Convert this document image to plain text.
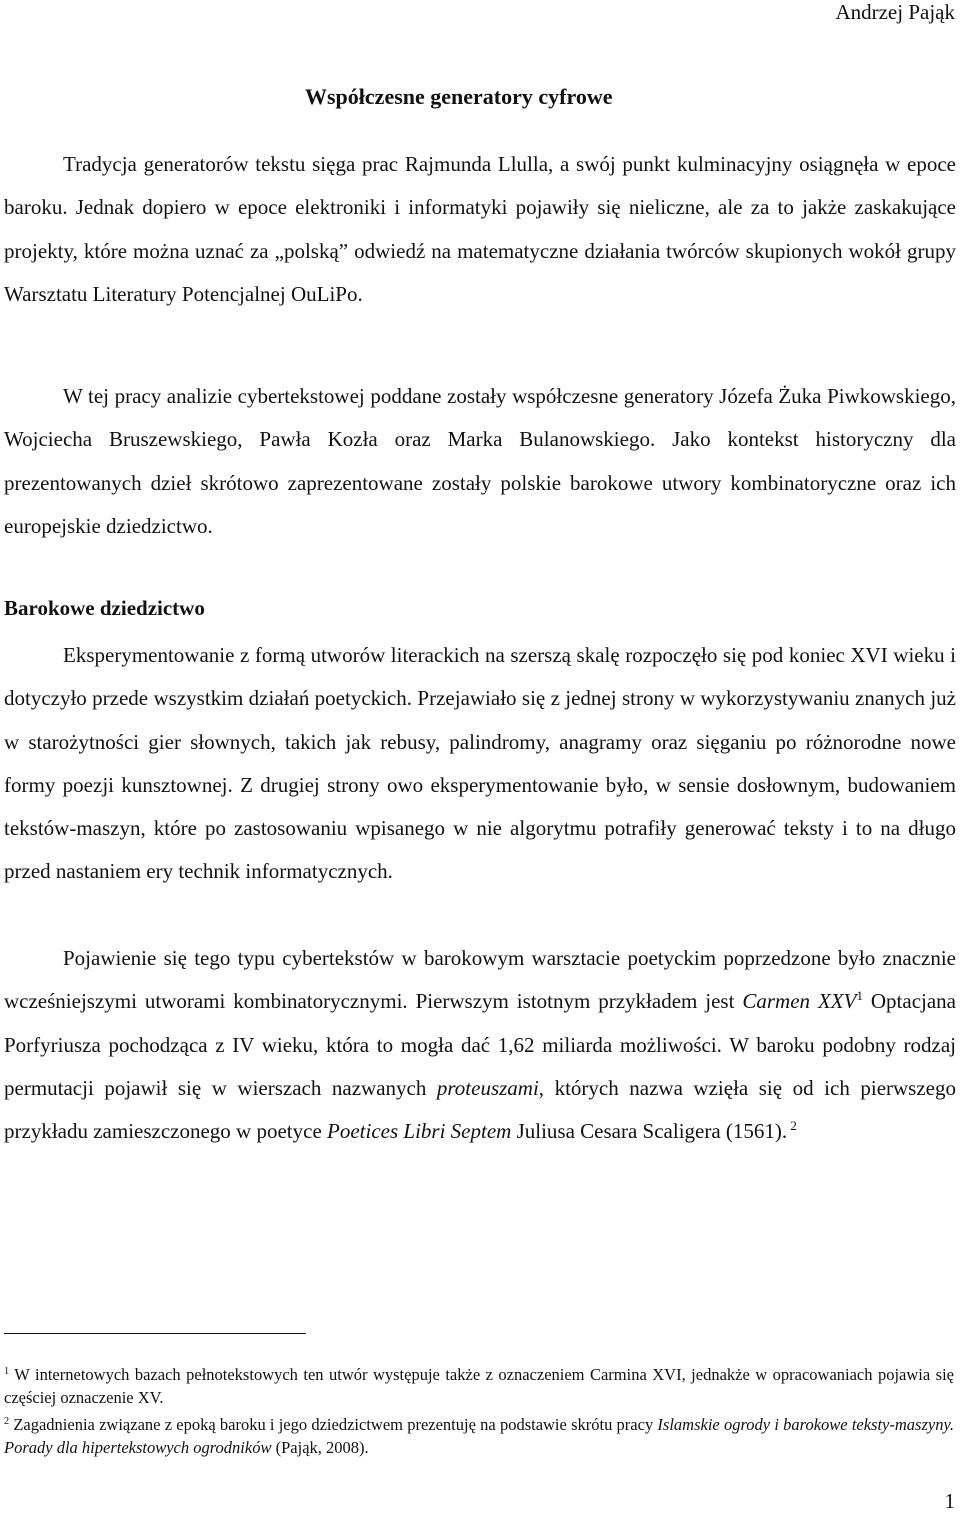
Andrzej Pająk
Współczesne generatory cyfrowe

Tradycja generatorów tekstu sięga prac Rajmunda Llulla, a swój punkt kulminacyjny osiągnęła w epoce baroku. Jednak dopiero w epoce elektroniki i informatyki pojawiły się nieliczne, ale za to jakże zaskakujące projekty, które można uznać za „polską” odwiedź na matematyczne działania twórców skupionych wokół grupy Warsztatu Literatury Potencjalnej OuLiPo.

W tej pracy analizie cybertekstowej poddane zostały współczesne generatory Józefa Żuka Piwkowskiego, Wojciecha Bruszewskiego, Pawła Kozła oraz Marka Bulanowskiego. Jako kontekst historyczny dla prezentowanych dzieł skrótowo zaprezentowane zostały polskie barokowe utwory kombinatoryczne oraz ich europejskie dziedzictwo.

Barokowe dziedzictwo

Eksperymentowanie z formą utworów literackich na szerszą skalę rozpoczęło się pod koniec XVI wieku i dotyczyło przede wszystkim działań poetyckich. Przejawiało się z jednej strony w wykorzystywaniu znanych już w starożytności gier słownych, takich jak rebusy, palindromy, anagramy oraz sięganiu po różnorodne nowe formy poezji kunsztownej. Z drugiej strony owo eksperymentowanie było, w sensie dosłownym, budowaniem tekstów-maszyn, które po zastosowaniu wpisanego w nie algorytmu potrafiły generować teksty i to na długo przed nastaniem ery technik informatycznych.

Pojawienie się tego typu cybertekstów w barokowym warsztacie poetyckim poprzedzone było znacznie wcześniejszymi utworami kombinatorycznymi. Pierwszym istotnym przykładem jest Carmen XXV$^1$ Optacjana Porfyriusza pochodząca z IV wieku, która to mogła dać 1,62 miliarda możliwości. W baroku podobny rodzaj permutacji pojawił się w wierszach nazwanych proteuszami, których nazwa wzięła się od ich pierwszego przykładu zamieszczonego w poetyce Poetices Libri Septem Juliusa Cesara Scaligera (1561). $^2$

$^1$ W internetowych bazach pełnotekstowych ten utwór występuje także z oznaczeniem Carmina XVI, jednakże w opracowaniach pojawia się częściej oznaczenie XV.

$^2$ Zagadnienia związane z epoką baroku i jego dziedzictwem prezentuję na podstawie skrótu pracy Islamskie ogrody i barokowe teksty-maszyny. Porady dla hipertekstowych ogrodników (Pająk, 2008).

1
